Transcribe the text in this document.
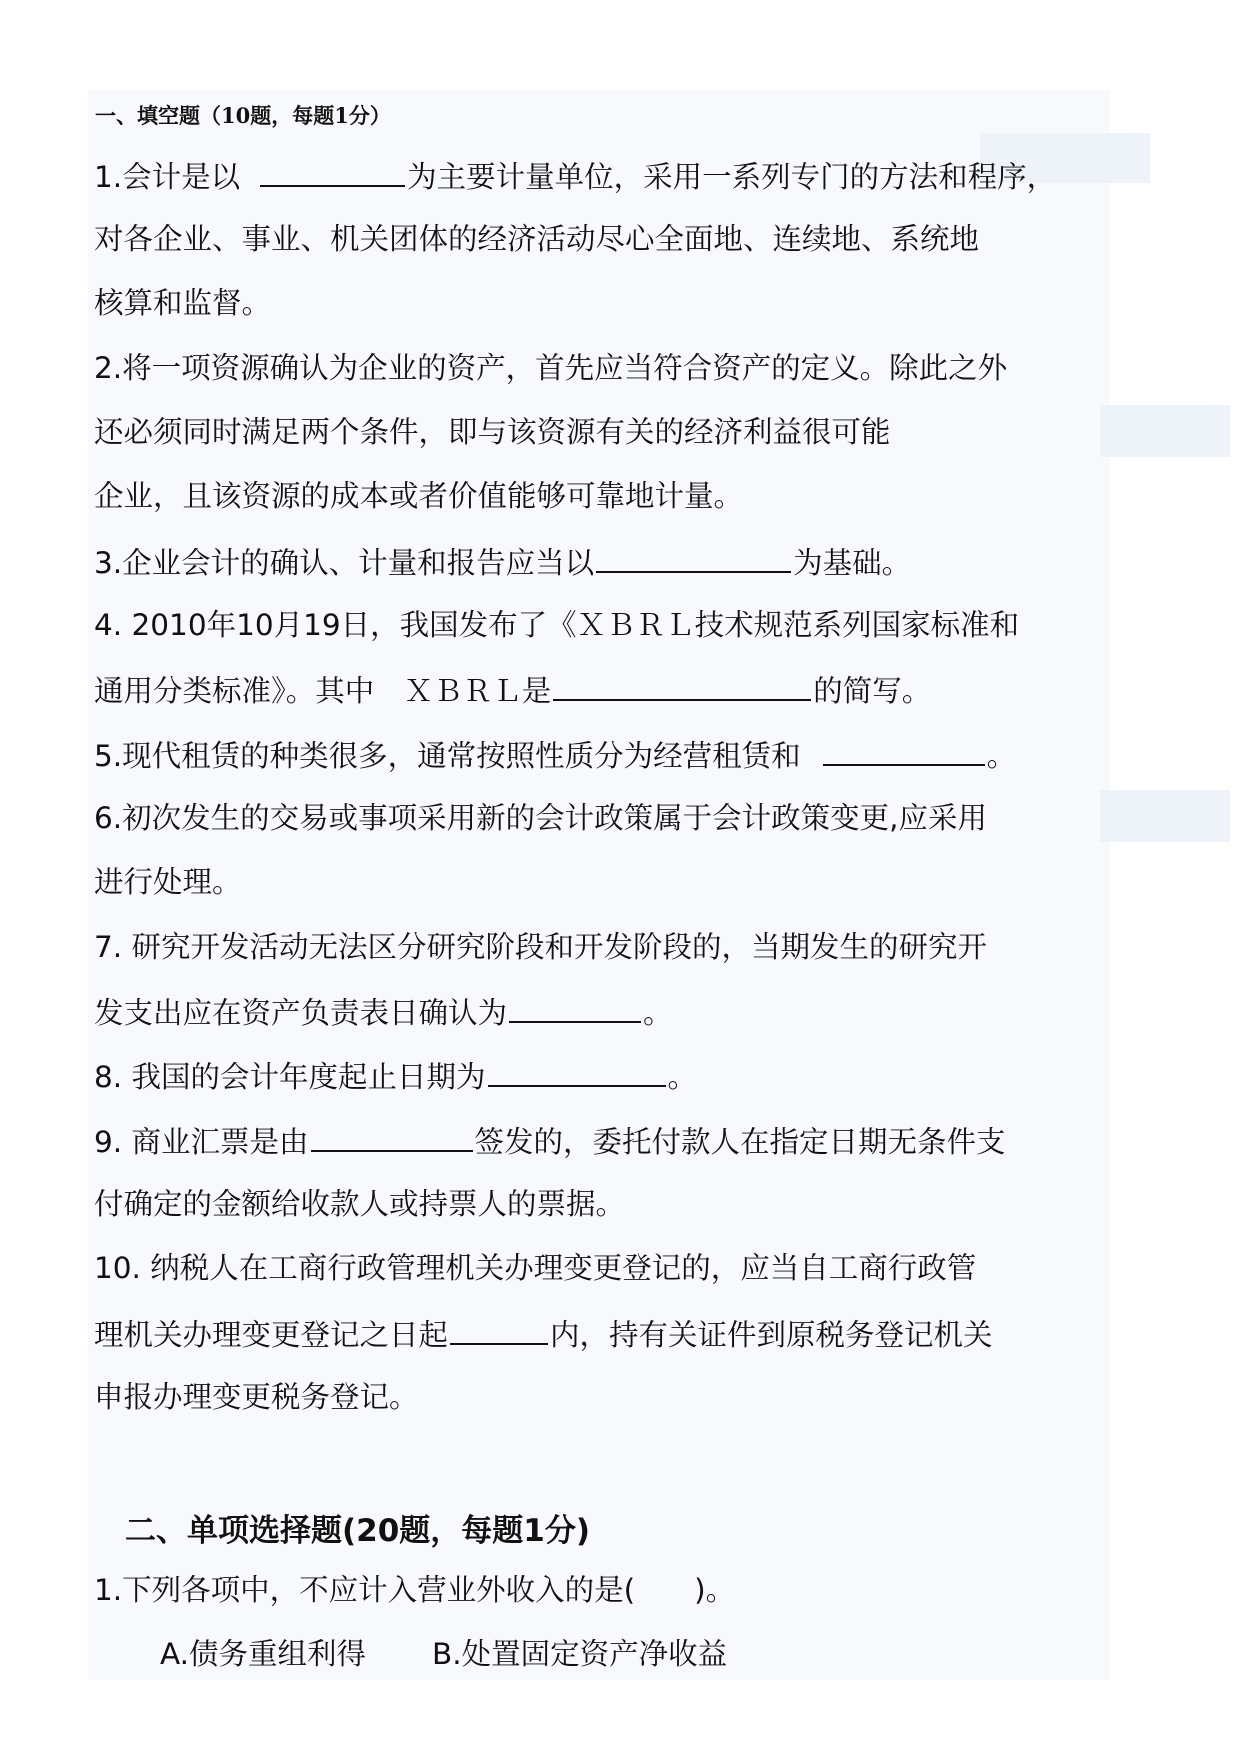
一、填空题（10题，每题1分）
1.会计是以	为主要计量单位，采用一系列专门的方法和程序，
对各企业、事业、机关团体的经济活动尽心全面地、连续地、系统地
核算和监督。
2.将一项资源确认为企业的资产，首先应当符合资产的定义。除此之外
还必须同时满足两个条件，即与该资源有关的经济利益很可能
企业，且该资源的成本或者价值能够可靠地计量。
3.企业会计的确认、计量和报告应当以	为基础。
4. 2010年10月19日，我国发布了《ＸＢＲＬ技术规范系列国家标准和
通用分类标准》。其中　ＸＢＲＬ是	的简写。
5.现代租赁的种类很多，通常按照性质分为经营租赁和	。
6.初次发生的交易或事项采用新的会计政策属于会计政策变更,应采用
进行处理。
7. 研究开发活动无法区分研究阶段和开发阶段的，当期发生的研究开
发支出应在资产负责表日确认为	。
8. 我国的会计年度起止日期为	。
9. 商业汇票是由	签发的，委托付款人在指定日期无条件支
付确定的金额给收款人或持票人的票据。
10. 纳税人在工商行政管理机关办理变更登记的，应当自工商行政管
理机关办理变更登记之日起	内，持有关证件到原税务登记机关
申报办理变更税务登记。
二、单项选择题(20题，每题1分)
1.下列各项中，不应计入营业外收入的是(　　)。
A.债务重组利得 B.处置固定资产净收益
